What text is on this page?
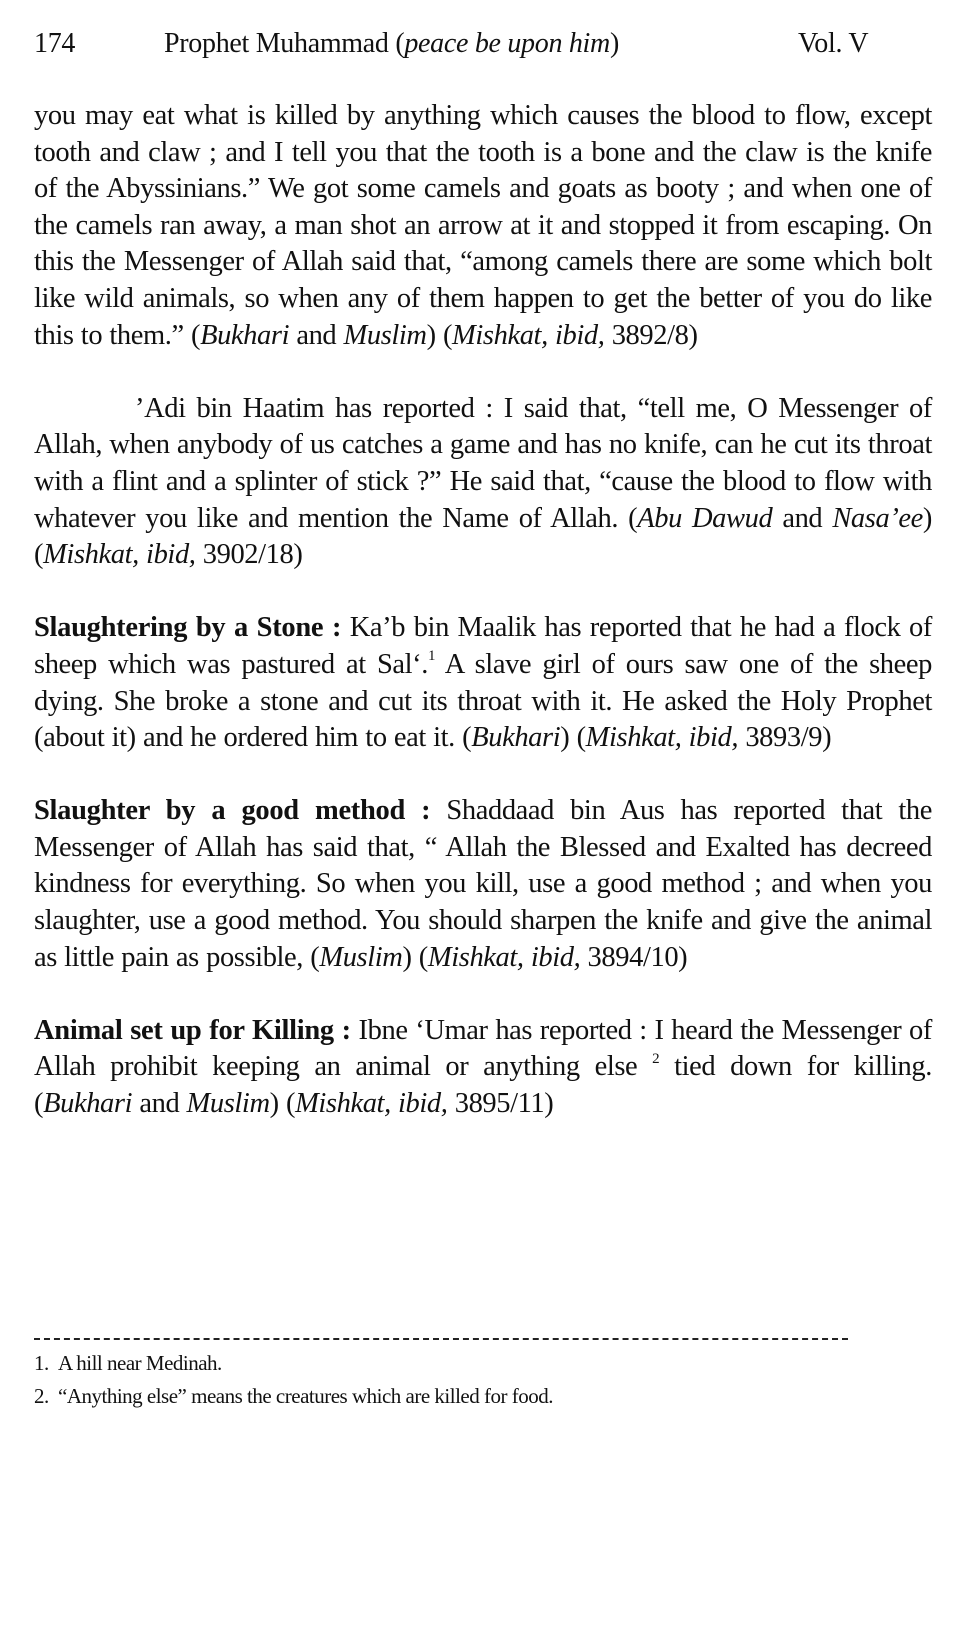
174	Prophet Muhammad (peace be upon him)	Vol. V

you may eat what is killed by anything which causes the blood to flow, except tooth and claw ; and I tell you that the tooth is a bone and the claw is the knife of the Abyssinians.” We got some camels and goats as booty ; and when one of the camels ran away, a man shot an arrow at it and stopped it from escaping. On this the Messenger of Allah said that, “among camels there are some which bolt like wild animals, so when any of them happen to get the better of you do like this to them.” (Bukhari and Muslim) (Mishkat, ibid, 3892/8)

’Adi bin Haatim has reported : I said that, “tell me, O Messenger of Allah, when anybody of us catches a game and has no knife, can he cut its throat with a flint and a splinter of stick ?” He said that, “cause the blood to flow with whatever you like and mention the Name of Allah. (Abu Dawud and Nasa’ee) (Mishkat, ibid, 3902/18)

Slaughtering by a Stone : Ka’b bin Maalik has reported that he had a flock of sheep which was pastured at Sal‘.$^1$ A slave girl of ours saw one of the sheep dying. She broke a stone and cut its throat with it. He asked the Holy Prophet (about it) and he ordered him to eat it. (Bukhari) (Mishkat, ibid, 3893/9)

Slaughter by a good method : Shaddaad bin Aus has reported that the Messenger of Allah has said that, “ Allah the Blessed and Exalted has decreed kindness for everything. So when you kill, use a good method ; and when you slaughter, use a good method. You should sharpen the knife and give the animal as little pain as possible, (Muslim) (Mishkat, ibid, 3894/10)

Animal set up for Killing : Ibne ‘Umar has reported : I heard the Messenger of Allah prohibit keeping an animal or anything else $^2$ tied down for killing. (Bukhari and Muslim) (Mishkat, ibid, 3895/11)

1. A hill near Medinah.

2. “Anything else” means the creatures which are killed for food.
